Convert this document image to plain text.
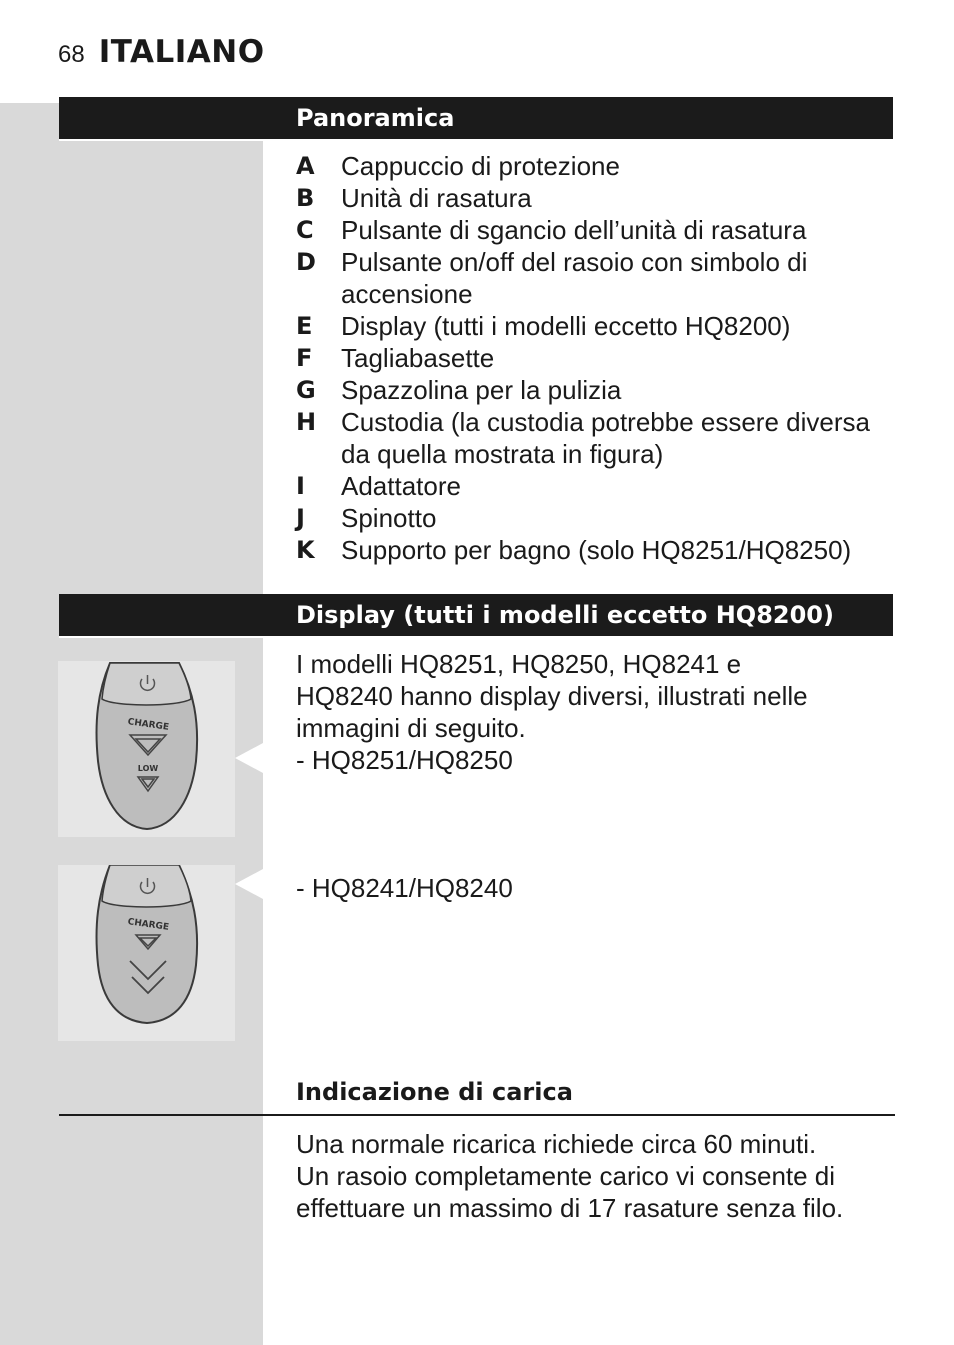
68 ITALIANO
Panoramica
A	Cappuccio di protezione
B	Unità di rasatura
C	Pulsante di sgancio dell’unità di rasatura
D Pulsante on/off del rasoio con simbolo di accensione
E	Display (tutti i modelli eccetto HQ8200)
F	Tagliabasette
G Spazzolina per la pulizia
H Custodia (la custodia potrebbe essere diversa da quella mostrata in figura)
I	Adattatore
J	Spinotto
K	Supporto per bagno (solo HQ8251/HQ8250)
Display (tutti i modelli eccetto HQ8200)
I modelli HQ8251, HQ8250, HQ8241 e HQ8240 hanno display diversi, illustrati nelle immagini di seguito.
- HQ8251/HQ8250
- HQ8241/HQ8240
CHARGE
LOW
CHARGE
Indicazione di carica
Una normale ricarica richiede circa 60 minuti. Un rasoio completamente carico vi consente di effettuare un massimo di 17 rasature senza filo.
